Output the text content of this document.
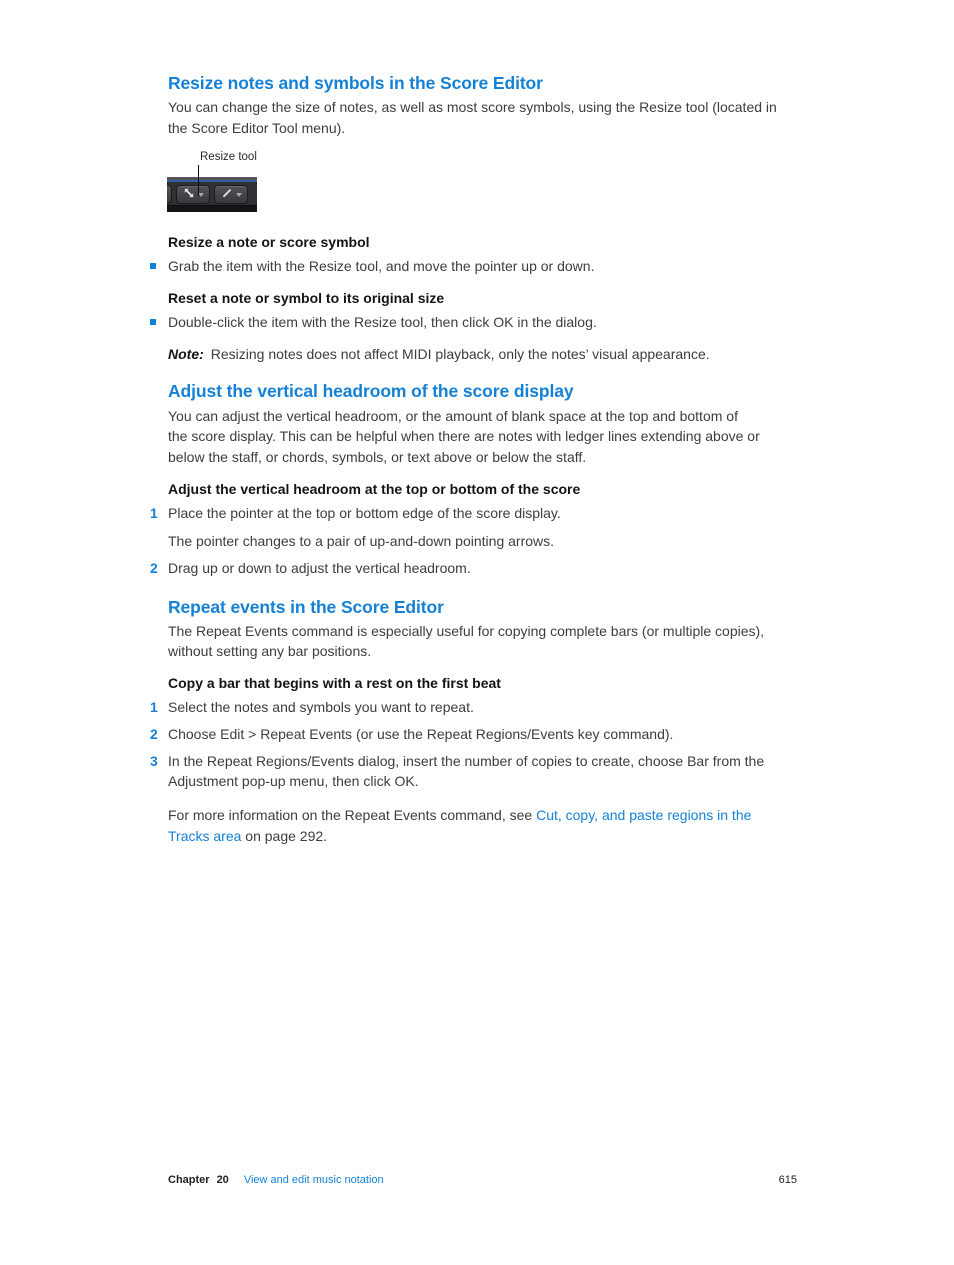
Resize notes and symbols in the Score Editor
You can change the size of notes, as well as most score symbols, using the Resize tool (located in
the Score Editor Tool menu).
Resize tool
Resize a note or score symbol
Grab the item with the Resize tool, and move the pointer up or down.
Reset a note or symbol to its original size
Double-click the item with the Resize tool, then click OK in the dialog.
Note: Resizing notes does not affect MIDI playback, only the notes’ visual appearance.
Adjust the vertical headroom of the score display
You can adjust the vertical headroom, or the amount of blank space at the top and bottom of
the score display. This can be helpful when there are notes with ledger lines extending above or
below the staff, or chords, symbols, or text above or below the staff.
Adjust the vertical headroom at the top or bottom of the score
1 Place the pointer at the top or bottom edge of the score display.
The pointer changes to a pair of up-and-down pointing arrows.
2 Drag up or down to adjust the vertical headroom.
Repeat events in the Score Editor
The Repeat Events command is especially useful for copying complete bars (or multiple copies),
without setting any bar positions.
Copy a bar that begins with a rest on the first beat
1 Select the notes and symbols you want to repeat.
2 Choose Edit > Repeat Events (or use the Repeat Regions/Events key command).
3 In the Repeat Regions/Events dialog, insert the number of copies to create, choose Bar from the
Adjustment pop-up menu, then click OK.
For more information on the Repeat Events command, see Cut, copy, and paste regions in the
Tracks area on page 292.
Chapter 20 View and edit music notation	615
